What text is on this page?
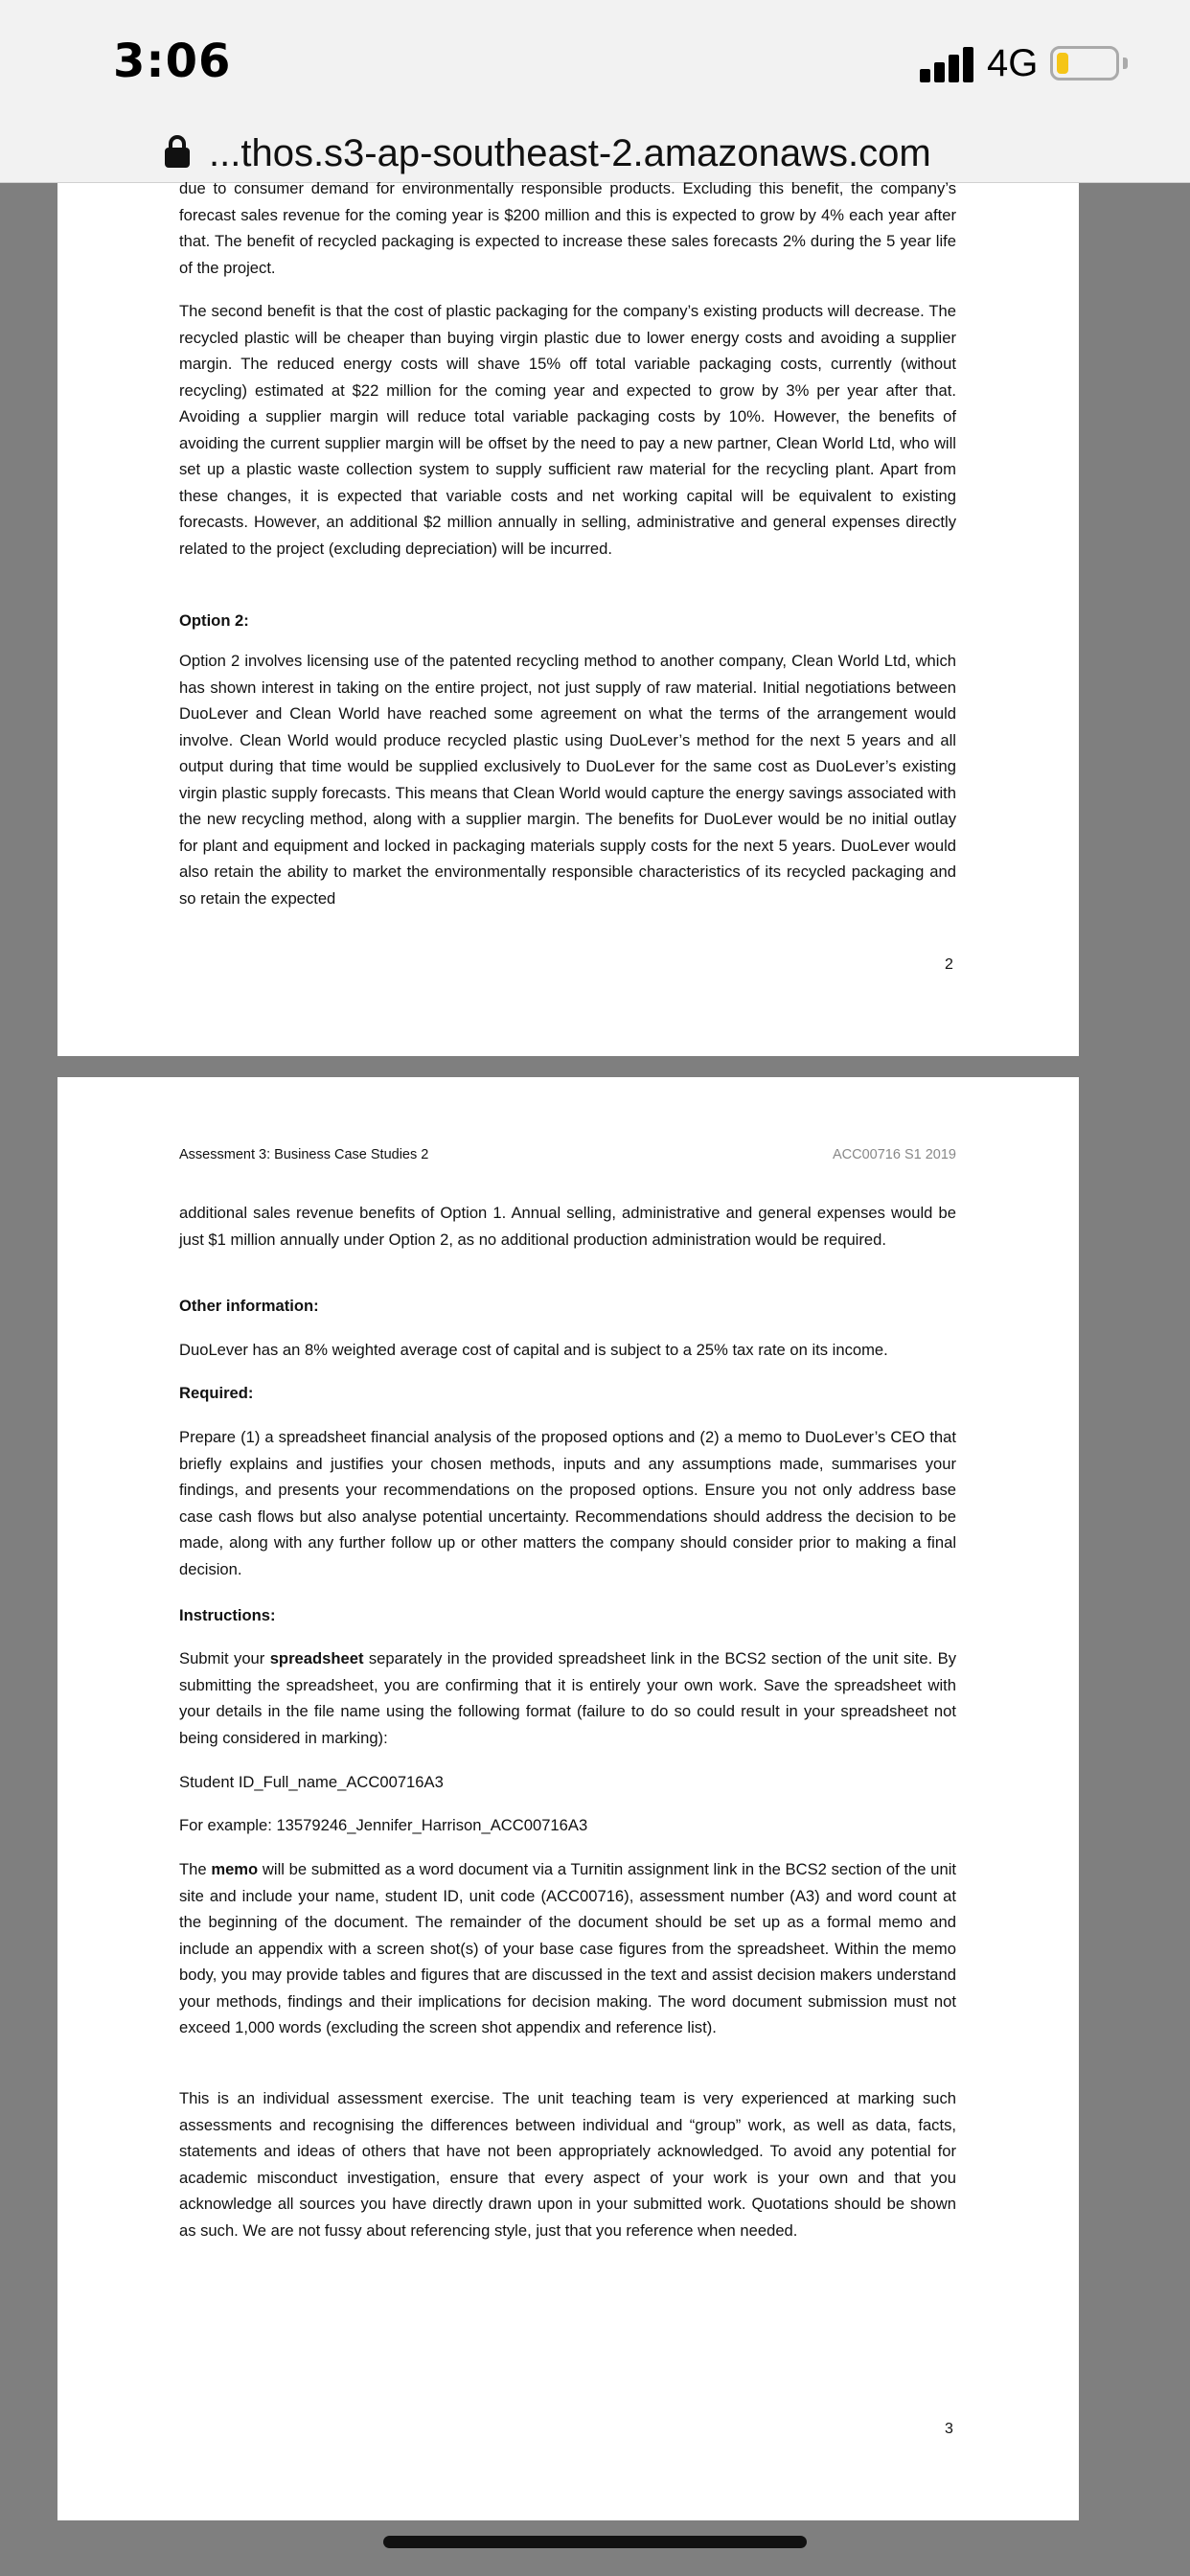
3:06	4G
...thos.s3-ap-southeast-2.amazonaws.com
due to consumer demand for environmentally responsible products. Excluding this benefit, the company’s forecast sales revenue for the coming year is $200 million and this is expected to grow by 4% each year after that. The benefit of recycled packaging is expected to increase these sales forecasts 2% during the 5 year life of the project.
The second benefit is that the cost of plastic packaging for the company’s existing products will decrease. The recycled plastic will be cheaper than buying virgin plastic due to lower energy costs and avoiding a supplier margin. The reduced energy costs will shave 15% off total variable packaging costs, currently (without recycling) estimated at $22 million for the coming year and expected to grow by 3% per year after that. Avoiding a supplier margin will reduce total variable packaging costs by 10%. However, the benefits of avoiding the current supplier margin will be offset by the need to pay a new partner, Clean World Ltd, who will set up a plastic waste collection system to supply sufficient raw material for the recycling plant. Apart from these changes, it is expected that variable costs and net working capital will be equivalent to existing forecasts. However, an additional $2 million annually in selling, administrative and general expenses directly related to the project (excluding depreciation) will be incurred.
Option 2:
Option 2 involves licensing use of the patented recycling method to another company, Clean World Ltd, which has shown interest in taking on the entire project, not just supply of raw material. Initial negotiations between DuoLever and Clean World have reached some agreement on what the terms of the arrangement would involve. Clean World would produce recycled plastic using DuoLever’s method for the next 5 years and all output during that time would be supplied exclusively to DuoLever for the same cost as DuoLever’s existing virgin plastic supply forecasts. This means that Clean World would capture the energy savings associated with the new recycling method, along with a supplier margin. The benefits for DuoLever would be no initial outlay for plant and equipment and locked in packaging materials supply costs for the next 5 years. DuoLever would also retain the ability to market the environmentally responsible characteristics of its recycled packaging and so retain the expected
2
Assessment 3: Business Case Studies 2	ACC00716 S1 2019
additional sales revenue benefits of Option 1. Annual selling, administrative and general expenses would be just $1 million annually under Option 2, as no additional production administration would be required.
Other information:
DuoLever has an 8% weighted average cost of capital and is subject to a 25% tax rate on its income.
Required:
Prepare (1) a spreadsheet financial analysis of the proposed options and (2) a memo to DuoLever’s CEO that briefly explains and justifies your chosen methods, inputs and any assumptions made, summarises your findings, and presents your recommendations on the proposed options. Ensure you not only address base case cash flows but also analyse potential uncertainty. Recommendations should address the decision to be made, along with any further follow up or other matters the company should consider prior to making a final decision.
Instructions:
Submit your spreadsheet separately in the provided spreadsheet link in the BCS2 section of the unit site. By submitting the spreadsheet, you are confirming that it is entirely your own work. Save the spreadsheet with your details in the file name using the following format (failure to do so could result in your spreadsheet not being considered in marking):
Student ID_Full_name_ACC00716A3
For example: 13579246_Jennifer_Harrison_ACC00716A3
The memo will be submitted as a word document via a Turnitin assignment link in the BCS2 section of the unit site and include your name, student ID, unit code (ACC00716), assessment number (A3) and word count at the beginning of the document. The remainder of the document should be set up as a formal memo and include an appendix with a screen shot(s) of your base case figures from the spreadsheet. Within the memo body, you may provide tables and figures that are discussed in the text and assist decision makers understand your methods, findings and their implications for decision making. The word document submission must not exceed 1,000 words (excluding the screen shot appendix and reference list).
This is an individual assessment exercise. The unit teaching team is very experienced at marking such assessments and recognising the differences between individual and “group” work, as well as data, facts, statements and ideas of others that have not been appropriately acknowledged. To avoid any potential for academic misconduct investigation, ensure that every aspect of your work is your own and that you acknowledge all sources you have directly drawn upon in your submitted work. Quotations should be shown as such. We are not fussy about referencing style, just that you reference when needed.
3
